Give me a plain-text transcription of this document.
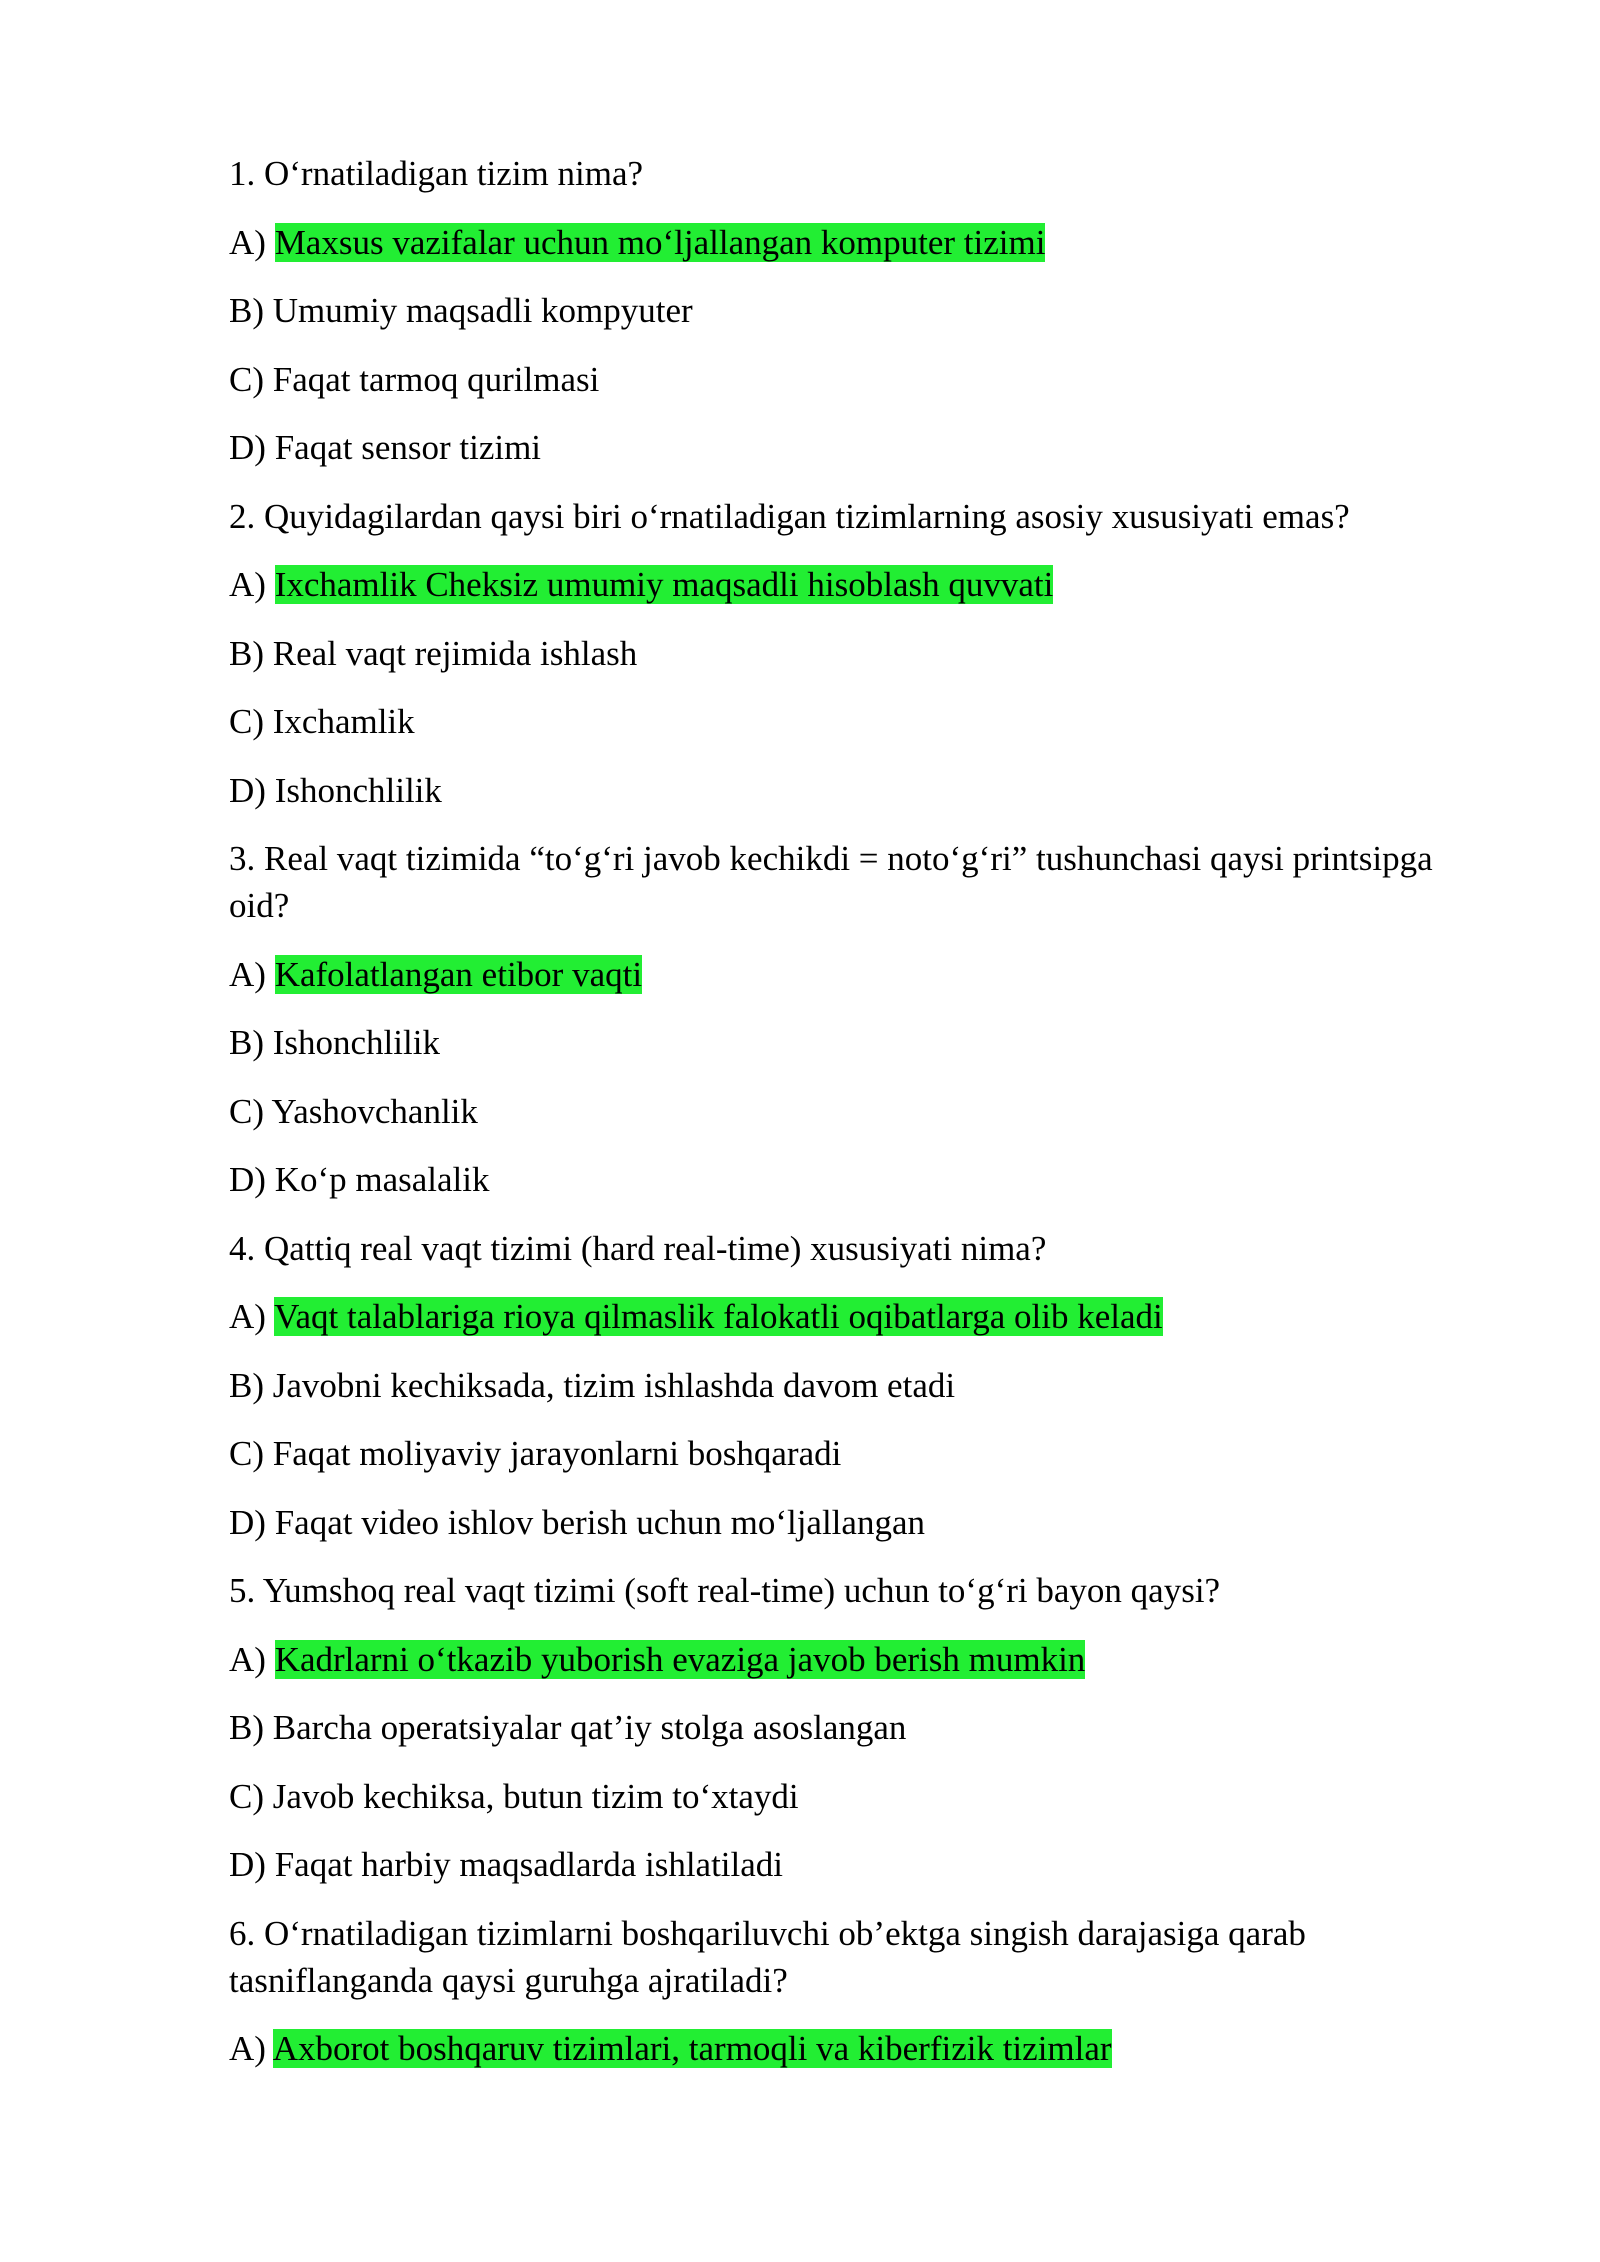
1. O‘rnatiladigan tizim nima?
A) Maxsus vazifalar uchun mo‘ljallangan komputer tizimi
B) Umumiy maqsadli kompyuter
C) Faqat tarmoq qurilmasi
D) Faqat sensor tizimi
2. Quyidagilardan qaysi biri o‘rnatiladigan tizimlarning asosiy xususiyati emas?
A) Ixchamlik Cheksiz umumiy maqsadli hisoblash quvvati
B) Real vaqt rejimida ishlash
C) Ixchamlik
D) Ishonchlilik
3. Real vaqt tizimida “to‘g‘ri javob kechikdi = noto‘g‘ri” tushunchasi qaysi printsipga oid?
A) Kafolatlangan etibor vaqti
B) Ishonchlilik
C) Yashovchanlik
D) Ko‘p masalalik
4. Qattiq real vaqt tizimi (hard real-time) xususiyati nima?
A) Vaqt talablariga rioya qilmaslik falokatli oqibatlarga olib keladi
B) Javobni kechiksada, tizim ishlashda davom etadi
C) Faqat moliyaviy jarayonlarni boshqaradi
D) Faqat video ishlov berish uchun mo‘ljallangan
5. Yumshoq real vaqt tizimi (soft real-time) uchun to‘g‘ri bayon qaysi?
A) Kadrlarni o‘tkazib yuborish evaziga javob berish mumkin
B) Barcha operatsiyalar qat’iy stolga asoslangan
C) Javob kechiksa, butun tizim to‘xtaydi
D) Faqat harbiy maqsadlarda ishlatiladi
6. O‘rnatiladigan tizimlarni boshqariluvchi ob’ektga singish darajasiga qarab tasniflanganda qaysi guruhga ajratiladi?
A) Axborot boshqaruv tizimlari, tarmoqli va kiberfizik tizimlar
